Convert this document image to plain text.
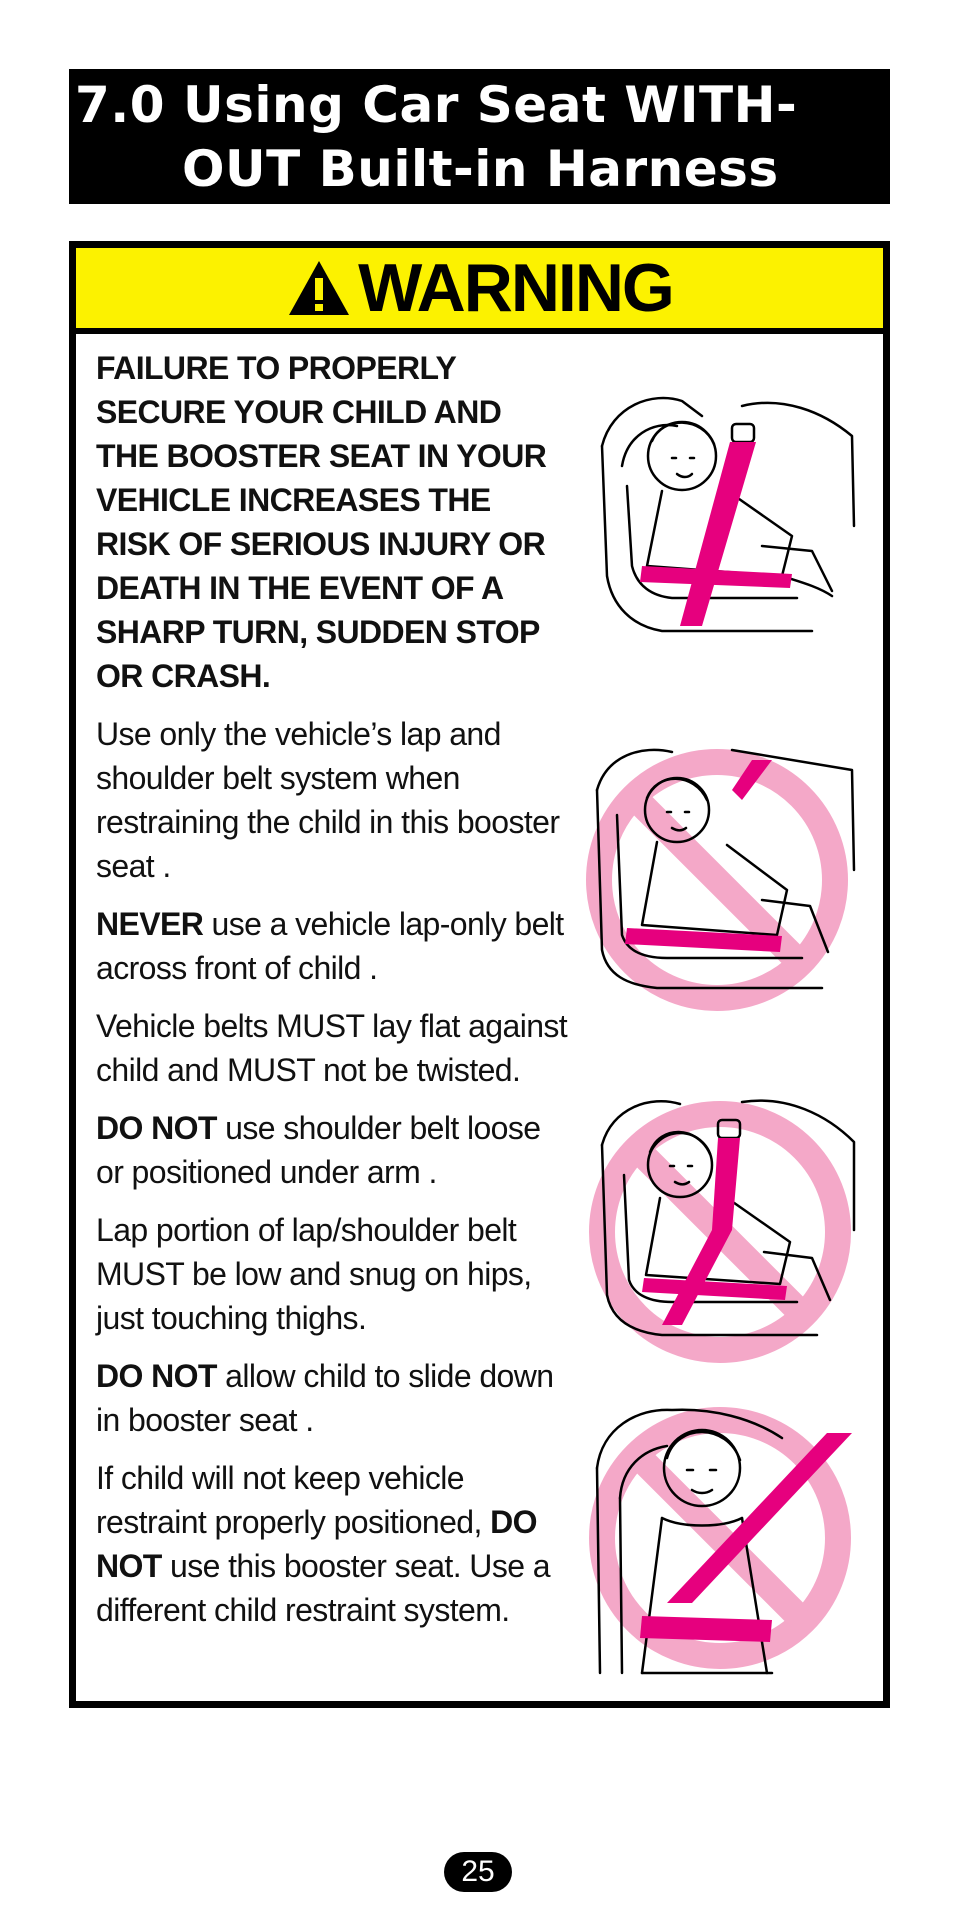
7.0 Using Car Seat WITH-
OUT Built-in Harness
WARNING

FAILURE TO PROPERLY SECURE YOUR CHILD AND THE BOOSTER SEAT IN YOUR VEHICLE INCREASES THE RISK OF SERIOUS INJURY OR DEATH IN THE EVENT OF A SHARP TURN, SUDDEN STOP OR CRASH.

Use only the vehicle’s lap and shoulder belt system when restraining the child in this booster seat .

NEVER use a vehicle lap-only belt across front of child .

Vehicle belts MUST lay flat against child and MUST not be twisted.

DO NOT use shoulder belt loose or positioned under arm .

Lap portion of lap/shoulder belt MUST be low and snug on hips, just touching thighs.

DO NOT allow child to slide down in booster seat .

If child will not keep vehicle restraint properly positioned, DO NOT use this booster seat. Use a different child restraint system.

25
